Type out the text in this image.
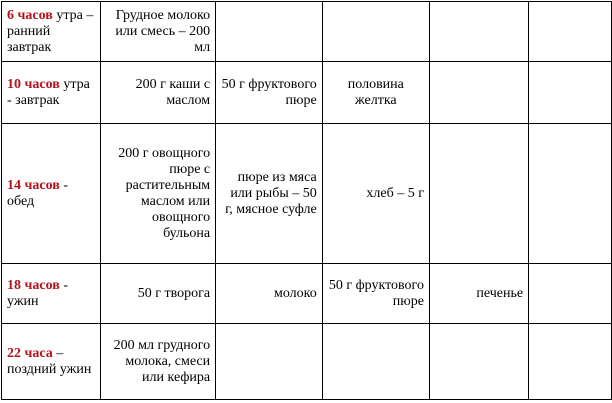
6 часов утра – ранний завтрак	Грудное молоко или смесь – 200 мл				
10 часов утра - завтрак	200 г каши с маслом	50 г фруктового пюре	половина желтка		
14 часов - обед	200 г овощного пюре с растительным маслом или овощного бульона	пюре из мяса или рыбы – 50 г, мясное суфле	хлеб – 5 г		
18 часов - ужин	50 г творога	молоко	50 г фруктового пюре	печенье	
22 часа – поздний ужин	200 мл грудного молока, смеси или кефира				
